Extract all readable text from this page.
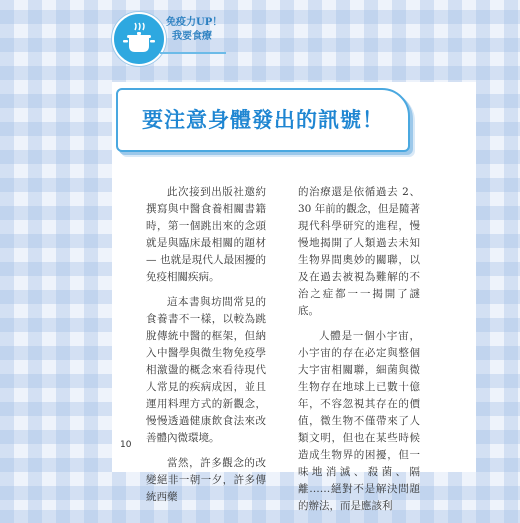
免疫力UP！
我要食療
要注意身體發出的訊號！

此次接到出版社邀約撰寫與中醫食養相關書籍時，第一個跳出來的念頭就是與臨床最相關的題材 — 也就是現代人最困擾的免疫相關疾病。

這本書與坊間常見的食養書不一樣，以較為跳脫傳統中醫的框架，但納入中醫學與微生物免疫學相激盪的概念來看待現代人常見的疾病成因，並且運用料理方式的新觀念，慢慢透過健康飲食法來改善體內微環境。

當然，許多觀念的改變絕非一朝一夕，許多傳統西藥

的治療還是依循過去 2、30 年前的觀念，但是隨著現代科學研究的進程，慢慢地揭開了人類過去未知生物界間奧妙的關聯，以及在過去被視為難解的不治之症都一一揭開了謎底。

人體是一個小宇宙，小宇宙的存在必定與整個大宇宙相關聯，細菌與微生物存在地球上已數十億年，不容忽視其存在的價值，微生物不僅帶來了人類文明，但也在某些時候造成生物界的困擾，但一味地消滅、殺菌、隔離……絕對不是解決問題的辦法，而是應該利

10
